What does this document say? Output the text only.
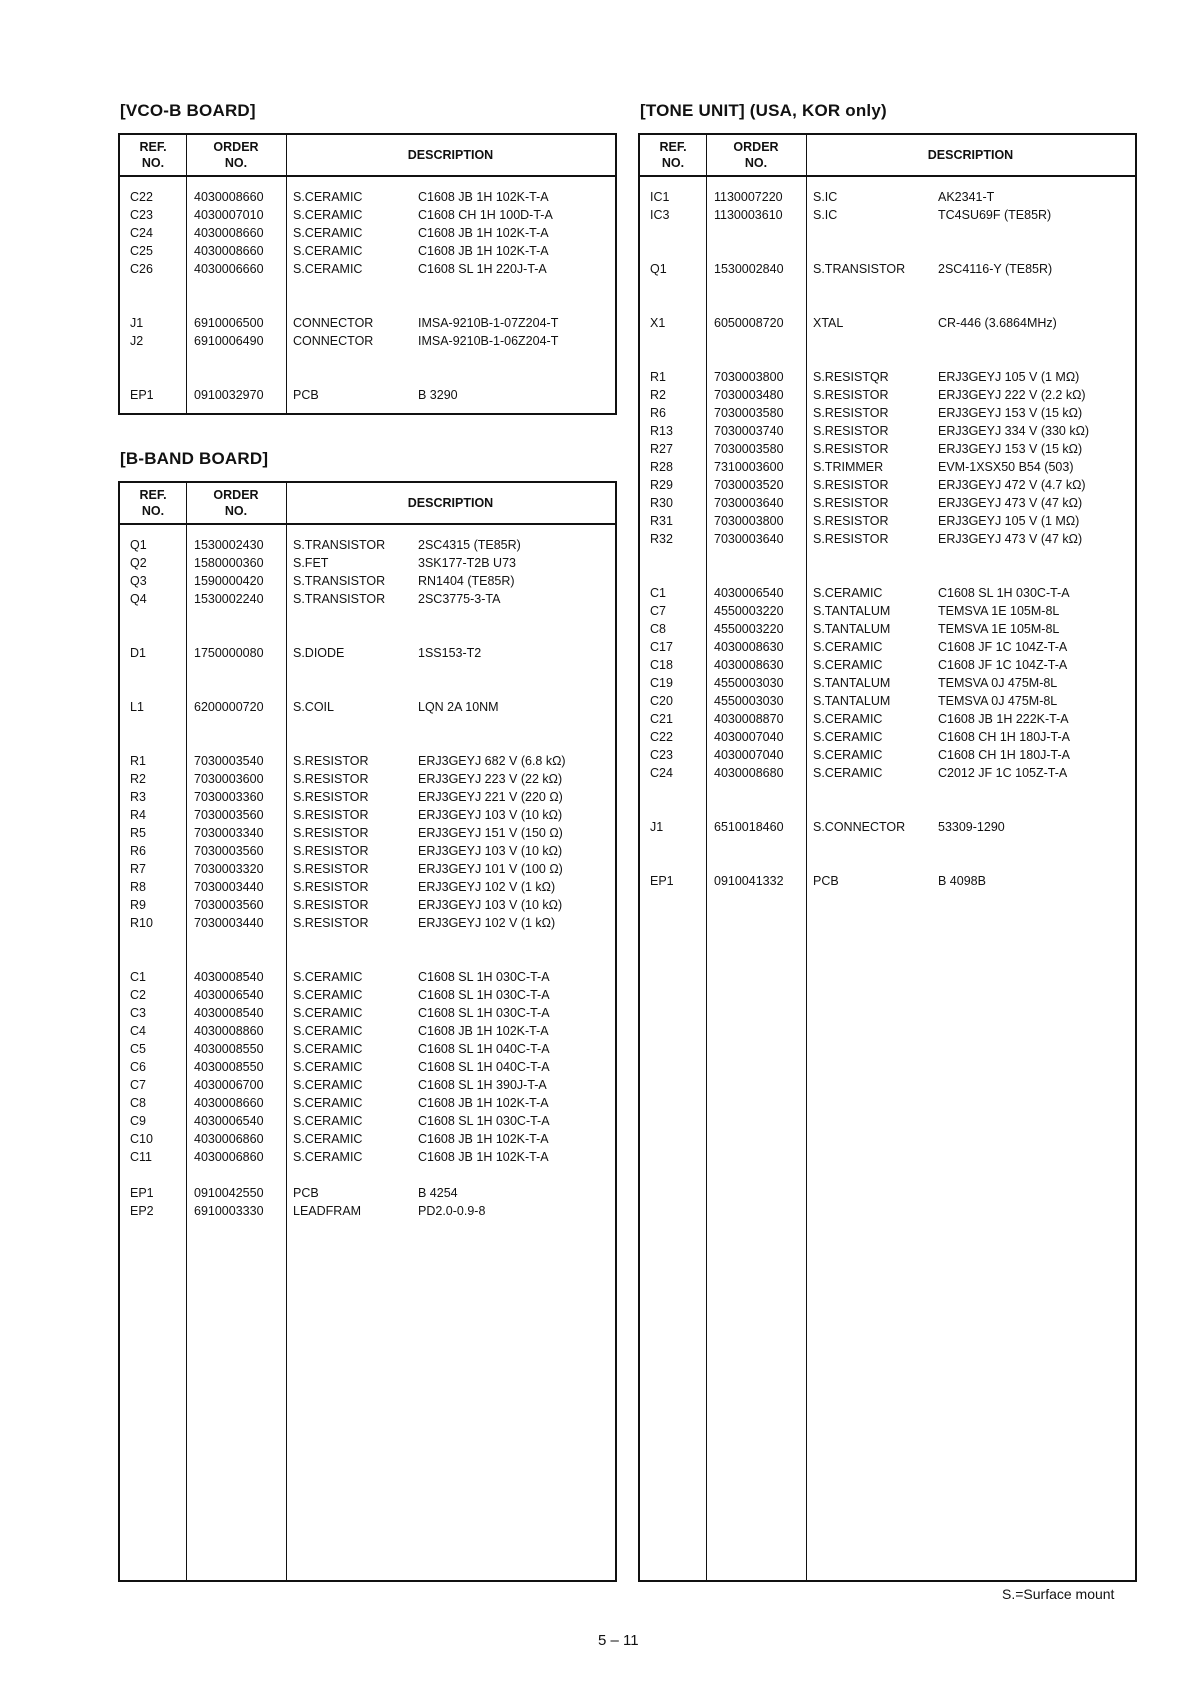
[VCO-B BOARD]
REF.
NO.
ORDER
NO.
DESCRIPTION
C22	4030008660 S.CERAMIC	C1608 JB 1H 102K-T-A
C23	4030007010 S.CERAMIC	C1608 CH 1H 100D-T-A
C24	4030008660 S.CERAMIC	C1608 JB 1H 102K-T-A
C25	4030008660 S.CERAMIC	C1608 JB 1H 102K-T-A
C26	4030006660 S.CERAMIC	C1608 SL 1H 220J-T-A
J1	6910006500 CONNECTOR	IMSA-9210B-1-07Z204-T
J2	6910006490 CONNECTOR	IMSA-9210B-1-06Z204-T
EP1	0910032970 PCB	B 3290
[B-BAND BOARD]
REF.
NO.
ORDER
NO.
DESCRIPTION
Q1	1530002430 S.TRANSISTOR	2SC4315 (TE85R)
Q2	1580000360 S.FET	3SK177-T2B U73
Q3	1590000420 S.TRANSISTOR	RN1404 (TE85R)
Q4	1530002240 S.TRANSISTOR	2SC3775-3-TA
D1	1750000080 S.DIODE	1SS153-T2
L1	6200000720 S.COIL	LQN 2A 10NM
R1	7030003540 S.RESISTOR	ERJ3GEYJ 682 V (6.8 kΩ)
R2	7030003600 S.RESISTOR	ERJ3GEYJ 223 V (22 kΩ)
R3	7030003360 S.RESISTOR	ERJ3GEYJ 221 V (220 Ω)
R4	7030003560 S.RESISTOR	ERJ3GEYJ 103 V (10 kΩ)
R5	7030003340 S.RESISTOR	ERJ3GEYJ 151 V (150 Ω)
R6	7030003560 S.RESISTOR	ERJ3GEYJ 103 V (10 kΩ)
R7	7030003320 S.RESISTOR	ERJ3GEYJ 101 V (100 Ω)
R8	7030003440 S.RESISTOR	ERJ3GEYJ 102 V (1 kΩ)
R9	7030003560 S.RESISTOR	ERJ3GEYJ 103 V (10 kΩ)
R10	7030003440 S.RESISTOR	ERJ3GEYJ 102 V (1 kΩ)
C1	4030008540 S.CERAMIC	C1608 SL 1H 030C-T-A
C2	4030006540 S.CERAMIC	C1608 SL 1H 030C-T-A
C3	4030008540 S.CERAMIC	C1608 SL 1H 030C-T-A
C4	4030008860 S.CERAMIC	C1608 JB 1H 102K-T-A
C5	4030008550 S.CERAMIC	C1608 SL 1H 040C-T-A
C6	4030008550 S.CERAMIC	C1608 SL 1H 040C-T-A
C7	4030006700 S.CERAMIC	C1608 SL 1H 390J-T-A
C8	4030008660 S.CERAMIC	C1608 JB 1H 102K-T-A
C9	4030006540 S.CERAMIC	C1608 SL 1H 030C-T-A
C10	4030006860 S.CERAMIC	C1608 JB 1H 102K-T-A
C11	4030006860 S.CERAMIC	C1608 JB 1H 102K-T-A
EP1	0910042550 PCB	B 4254
EP2	6910003330 LEADFRAM	PD2.0-0.9-8
[TONE UNIT] (USA, KOR only)
REF.
NO.
ORDER
NO.
DESCRIPTION
IC1	1130007220 S.IC	AK2341-T
IC3	1130003610 S.IC	TC4SU69F (TE85R)
Q1	1530002840 S.TRANSISTOR	2SC4116-Y (TE85R)
X1	6050008720 XTAL	CR-446 (3.6864MHz)
R1	7030003800 S.RESISTQR	ERJ3GEYJ 105 V (1 MΩ)
R2	7030003480 S.RESISTOR	ERJ3GEYJ 222 V (2.2 kΩ)
R6	7030003580 S.RESISTOR	ERJ3GEYJ 153 V (15 kΩ)
R13	7030003740 S.RESISTOR	ERJ3GEYJ 334 V (330 kΩ)
R27	7030003580 S.RESISTOR	ERJ3GEYJ 153 V (15 kΩ)
R28	7310003600 S.TRIMMER	EVM-1XSX50 B54 (503)
R29	7030003520 S.RESISTOR	ERJ3GEYJ 472 V (4.7 kΩ)
R30	7030003640 S.RESISTOR	ERJ3GEYJ 473 V (47 kΩ)
R31	7030003800 S.RESISTOR	ERJ3GEYJ 105 V (1 MΩ)
R32	7030003640 S.RESISTOR	ERJ3GEYJ 473 V (47 kΩ)
C1	4030006540 S.CERAMIC	C1608 SL 1H 030C-T-A
C7	4550003220 S.TANTALUM	TEMSVA 1E 105M-8L
C8	4550003220 S.TANTALUM	TEMSVA 1E 105M-8L
C17	4030008630 S.CERAMIC	C1608 JF 1C 104Z-T-A
C18	4030008630 S.CERAMIC	C1608 JF 1C 104Z-T-A
C19	4550003030 S.TANTALUM	TEMSVA 0J 475M-8L
C20	4550003030 S.TANTALUM	TEMSVA 0J 475M-8L
C21	4030008870 S.CERAMIC	C1608 JB 1H 222K-T-A
C22	4030007040 S.CERAMIC	C1608 CH 1H 180J-T-A
C23	4030007040 S.CERAMIC	C1608 CH 1H 180J-T-A
C24	4030008680 S.CERAMIC	C2012 JF 1C 105Z-T-A
J1	6510018460 S.CONNECTOR	53309-1290
EP1	0910041332 PCB	B 4098B
S.=Surface mount
5 – 11
